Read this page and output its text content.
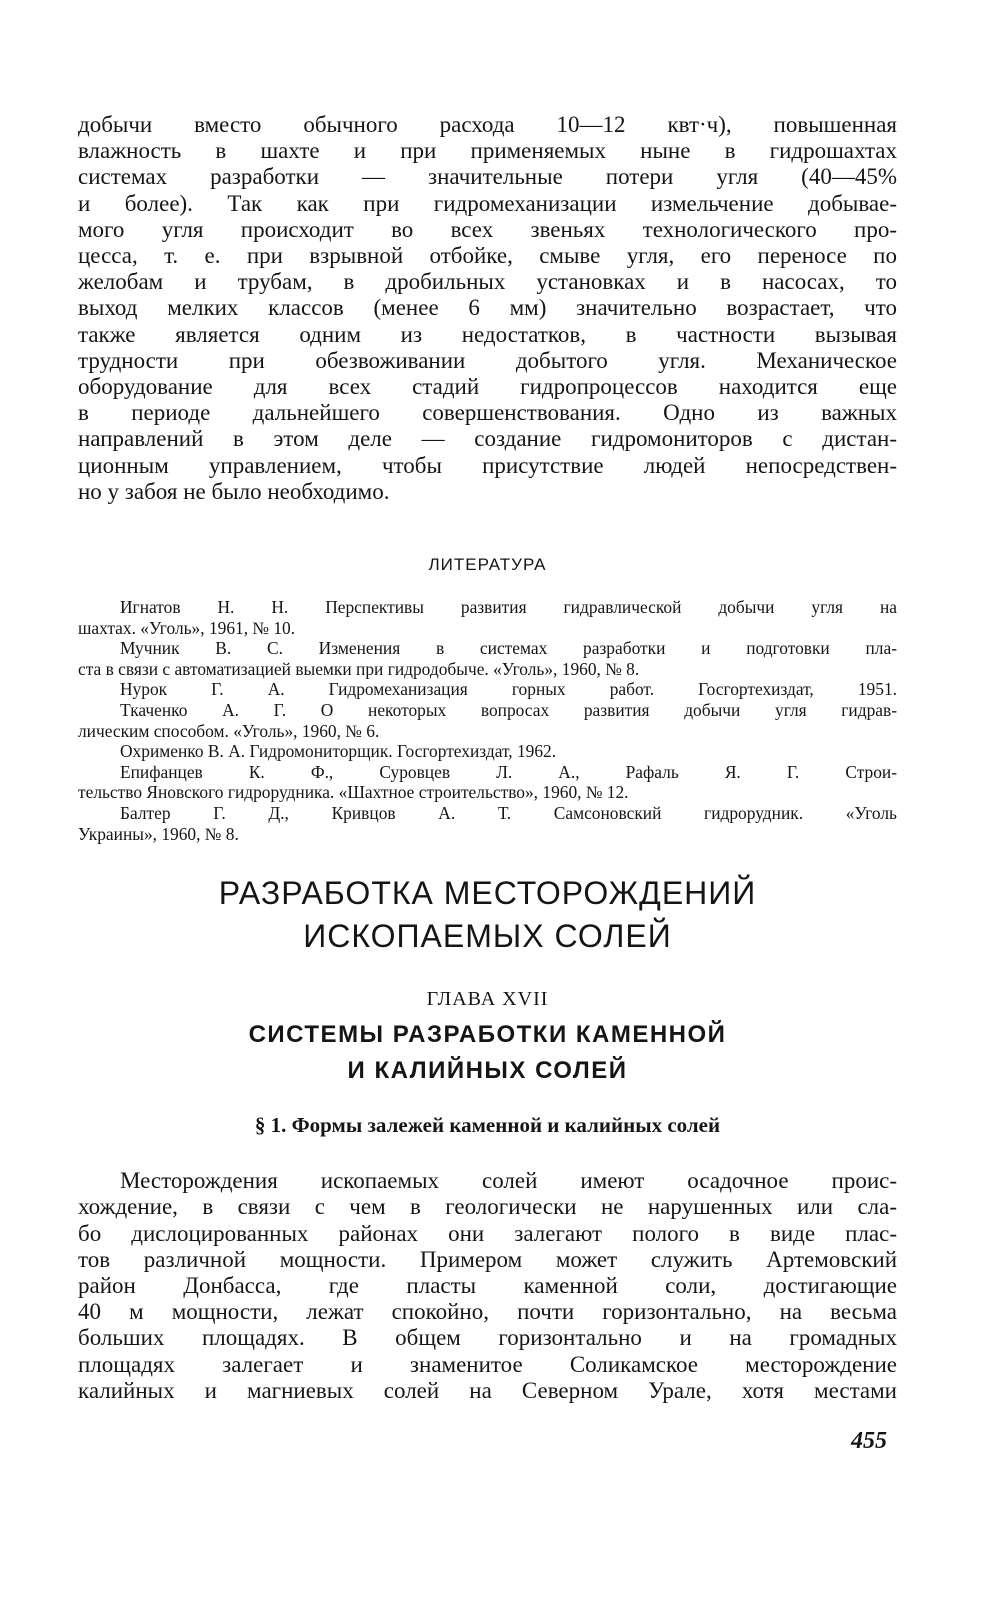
добычи вместо обычного расхода 10—12 квт·ч), повышенная
влажность в шахте и при применяемых ныне в гидрошахтах
системах разработки — значительные потери угля (40—45%
и более). Так как при гидромеханизации измельчение добывае-
мого угля происходит во всех звеньях технологического про-
цесса, т. е. при взрывной отбойке, смыве угля, его переносе по
желобам и трубам, в дробильных установках и в насосах, то
выход мелких классов (менее 6 мм) значительно возрастает, что
также является одним из недостатков, в частности вызывая
трудности при обезвоживании добытого угля. Механическое
оборудование для всех стадий гидропроцессов находится еще
в периоде дальнейшего совершенствования. Одно из важных
направлений в этом деле — создание гидромониторов с дистан-
ционным управлением, чтобы присутствие людей непосредствен-
но у забоя не было необходимо.
ЛИТЕРАТУРА
Игнатов Н. Н. Перспективы развития гидравлической добычи угля на
шахтах. «Уголь», 1961, № 10.
Мучник В. С. Изменения в системах разработки и подготовки пла-
ста в связи с автоматизацией выемки при гидродобыче. «Уголь», 1960, № 8.
Нурок Г. А. Гидромеханизация горных работ. Госгортехиздат, 1951.
Ткаченко А. Г. О некоторых вопросах развития добычи угля гидрав-
лическим способом. «Уголь», 1960, № 6.
Охрименко В. А. Гидромониторщик. Госгортехиздат, 1962.
Епифанцев К. Ф., Суровцев Л. А., Рафаль Я. Г. Строи-
тельство Яновского гидрорудника. «Шахтное строительство», 1960, № 12.
Балтер Г. Д., Кривцов А. Т. Самсоновский гидрорудник. «Уголь
Украины», 1960, № 8.
РАЗРАБОТКА МЕСТОРОЖДЕНИЙ
ИСКОПАЕМЫХ СОЛЕЙ
ГЛАВА XVII
СИСТЕМЫ РАЗРАБОТКИ КАМЕННОЙ
И КАЛИЙНЫХ СОЛЕЙ
§ 1. Формы залежей каменной и калийных солей
Месторождения ископаемых солей имеют осадочное проис-
хождение, в связи с чем в геологически не нарушенных или сла-
бо дислоцированных районах они залегают полого в виде плас-
тов различной мощности. Примером может служить Артемовский
район Донбасса, где пласты каменной соли, достигающие
40 м мощности, лежат спокойно, почти горизонтально, на весьма
больших площадях. В общем горизонтально и на громадных
площадях залегает и знаменитое Соликамское месторождение
калийных и магниевых солей на Северном Урале, хотя местами
455
